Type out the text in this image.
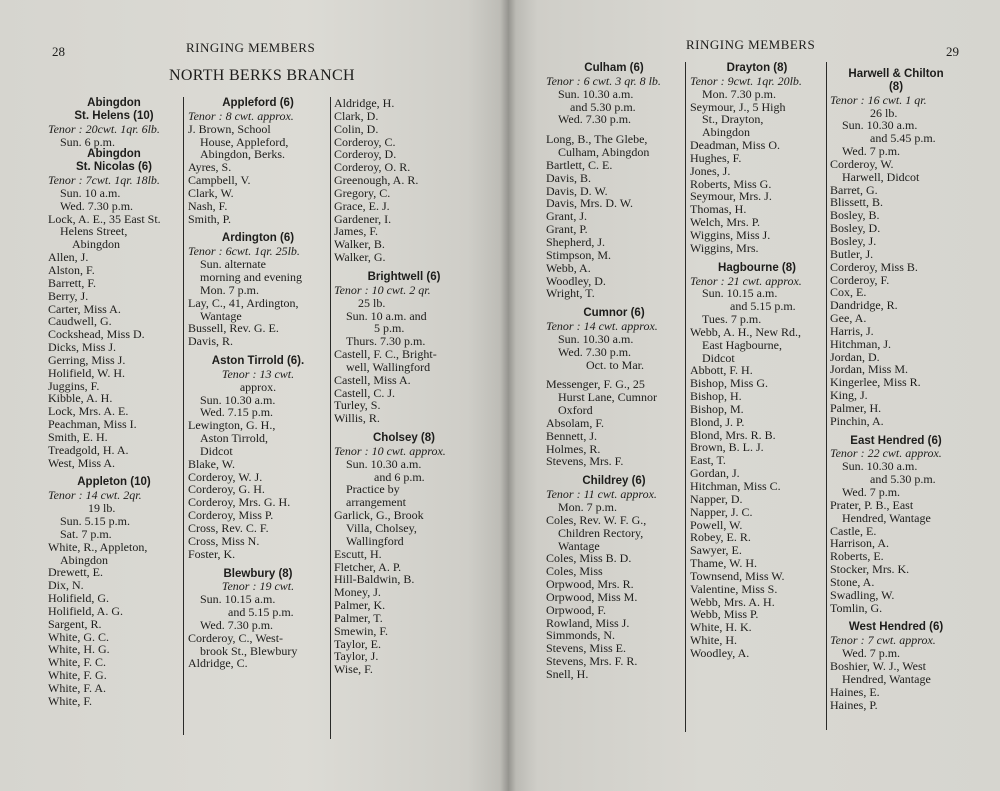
28	RINGING MEMBERS
NORTH BERKS BRANCH
Abingdon
St. Helens (10)
Tenor : 20cwt. 1qr. 6lb.
Sun. 6 p.m.
Abingdon
St. Nicolas (6)
Tenor : 7cwt. 1qr. 18lb.
Sun. 10 a.m.
Wed. 7.30 p.m.
Lock, A. E., 35 East St.
Helens Street,
Abingdon
Allen, J.
Alston, F.
Barrett, F.
Berry, J.
Carter, Miss A.
Caudwell, G.
Cockshead, Miss D.
Dicks, Miss J.
Gerring, Miss J.
Holifield, W. H.
Juggins, F.
Kibble, A. H.
Lock, Mrs. A. E.
Peachman, Miss I.
Smith, E. H.
Treadgold, H. A.
West, Miss A.
Appleton (10)
Tenor : 14 cwt. 2qr.
19 lb.
Sun. 5.15 p.m.
Sat. 7 p.m.
White, R., Appleton,
Abingdon
Drewett, E.
Dix, N.
Holifield, G.
Holifield, A. G.
Sargent, R.
White, G. C.
White, H. G.
White, F. C.
White, F. G.
White, F. A.
White, F.
Appleford (6)
Tenor : 8 cwt. approx.
J. Brown, School
House, Appleford,
Abingdon, Berks.
Ayres, S.
Campbell, V.
Clark, W.
Nash, F.
Smith, P.
Ardington (6)
Tenor : 6cwt. 1qr. 25lb.
Sun. alternate
morning and evening
Mon. 7 p.m.
Lay, C., 41, Ardington,
Wantage
Bussell, Rev. G. E.
Davis, R.
Aston Tirrold (6).
Tenor : 13 cwt.
approx.
Sun. 10.30 a.m.
Wed. 7.15 p.m.
Lewington, G. H.,
Aston Tirrold,
Didcot
Blake, W.
Corderoy, W. J.
Corderoy, G. H.
Corderoy, Mrs. G. H.
Corderoy, Miss P.
Cross, Rev. C. F.
Cross, Miss N.
Foster, K.
Blewbury (8)
Tenor : 19 cwt.
Sun. 10.15 a.m.
and 5.15 p.m.
Wed. 7.30 p.m.
Corderoy, C., West-
brook St., Blewbury
Aldridge, C.
Aldridge, H.
Clark, D.
Colin, D.
Corderoy, C.
Corderoy, D.
Corderoy, O. R.
Greenough, A. R.
Gregory, C.
Grace, E. J.
Gardener, I.
James, F.
Walker, B.
Walker, G.
Brightwell (6)
Tenor : 10 cwt. 2 qr.
25 lb.
Sun. 10 a.m. and
5 p.m.
Thurs. 7.30 p.m.
Castell, F. C., Bright-
well, Wallingford
Castell, Miss A.
Castell, C. J.
Turley, S.
Willis, R.
Cholsey (8)
Tenor : 10 cwt. approx.
Sun. 10.30 a.m.
and 6 p.m.
Practice by
arrangement
Garlick, G., Brook
Villa, Cholsey,
Wallingford
Escutt, H.
Fletcher, A. P.
Hill-Baldwin, B.
Money, J.
Palmer, K.
Palmer, T.
Smewin, F.
Taylor, E.
Taylor, J.
Wise, F.
RINGING MEMBERS	29
Culham (6)
Tenor : 6 cwt. 3 qr. 8 lb.
Sun. 10.30 a.m.
and 5.30 p.m.
Wed. 7.30 p.m.
Long, B., The Glebe,
Culham, Abingdon
Bartlett, C. E.
Davis, B.
Davis, D. W.
Davis, Mrs. D. W.
Grant, J.
Grant, P.
Shepherd, J.
Stimpson, M.
Webb, A.
Woodley, D.
Wright, T.
Cumnor (6)
Tenor : 14 cwt. approx.
Sun. 10.30 a.m.
Wed. 7.30 p.m.
Oct. to Mar.
Messenger, F. G., 25
Hurst Lane, Cumnor
Oxford
Absolam, F.
Bennett, J.
Holmes, R.
Stevens, Mrs. F.
Childrey (6)
Tenor : 11 cwt. approx.
Mon. 7 p.m.
Coles, Rev. W. F. G.,
Children Rectory,
Wantage
Coles, Miss B. D.
Coles, Miss
Orpwood, Mrs. R.
Orpwood, Miss M.
Orpwood, F.
Rowland, Miss J.
Simmonds, N.
Stevens, Miss E.
Stevens, Mrs. F. R.
Snell, H.
Drayton (8)
Tenor : 9cwt. 1qr. 20lb.
Mon. 7.30 p.m.
Seymour, J., 5 High
St., Drayton,
Abingdon
Deadman, Miss O.
Hughes, F.
Jones, J.
Roberts, Miss G.
Seymour, Mrs. J.
Thomas, H.
Welch, Mrs. P.
Wiggins, Miss J.
Wiggins, Mrs.
Hagbourne (8)
Tenor : 21 cwt. approx.
Sun. 10.15 a.m.
and 5.15 p.m.
Tues. 7 p.m.
Webb, A. H., New Rd.,
East Hagbourne,
Didcot
Abbott, F. H.
Bishop, Miss G.
Bishop, H.
Bishop, M.
Blond, J. P.
Blond, Mrs. R. B.
Brown, B. L. J.
East, T.
Gordan, J.
Hitchman, Miss C.
Napper, D.
Napper, J. C.
Powell, W.
Robey, E. R.
Sawyer, E.
Thame, W. H.
Townsend, Miss W.
Valentine, Miss S.
Webb, Mrs. A. H.
Webb, Miss P.
White, H. K.
White, H.
Woodley, A.
Harwell & Chilton
(8)
Tenor : 16 cwt. 1 qr.
26 lb.
Sun. 10.30 a.m.
and 5.45 p.m.
Wed. 7 p.m.
Corderoy, W.
Harwell, Didcot
Barret, G.
Blissett, B.
Bosley, B.
Bosley, D.
Bosley, J.
Butler, J.
Corderoy, Miss B.
Corderoy, F.
Cox, E.
Dandridge, R.
Gee, A.
Harris, J.
Hitchman, J.
Jordan, D.
Jordan, Miss M.
Kingerlee, Miss R.
King, J.
Palmer, H.
Pinchin, A.
East Hendred (6)
Tenor : 22 cwt. approx.
Sun. 10.30 a.m.
and 5.30 p.m.
Wed. 7 p.m.
Prater, P. B., East
Hendred, Wantage
Castle, E.
Harrison, A.
Roberts, E.
Stocker, Mrs. K.
Stone, A.
Swadling, W.
Tomlin, G.
West Hendred (6)
Tenor : 7 cwt. approx.
Wed. 7 p.m.
Boshier, W. J., West
Hendred, Wantage
Haines, E.
Haines, P.
